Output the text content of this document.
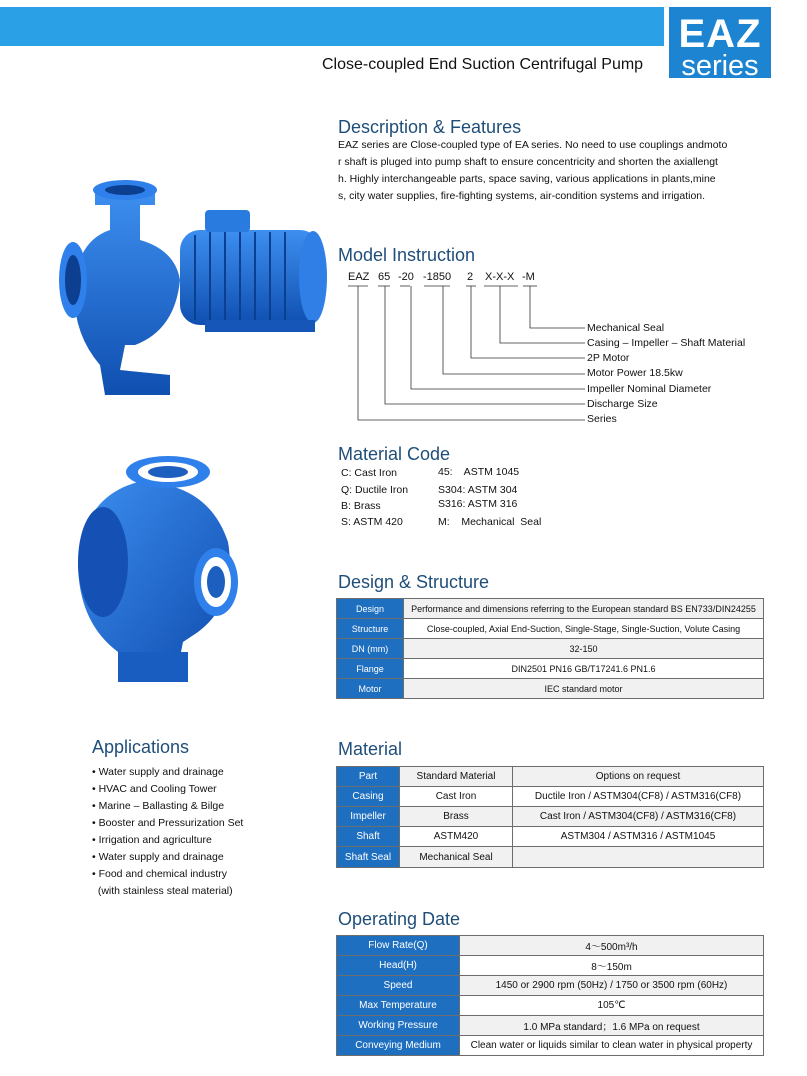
EAZ
series
Close-coupled End Suction Centrifugal Pump
Description & Features
EAZ series are Close-coupled type of EA series. No need to use couplings andmoto
r shaft is pluged into pump shaft to ensure concentricity and shorten the axiallengt
h. Highly interchangeable parts, space saving, various applications in plants,mine
s, city water supplies, fire-fighting systems, air-condition systems and irrigation.
Model Instruction
EAZ 65 -20 -1850 2 X-X-X -M
Mechanical Seal
Casing – Impeller – Shaft Material
2P Motor
Motor Power 18.5kw
Impeller Nominal Diameter
Discharge Size
Series
Material Code
C: Cast Iron
Q: Ductile Iron
B: Brass
S: ASTM 420
45:    ASTM 1045
S304: ASTM 304
S316: ASTM 316
M:    Mechanical  Seal
Design & Structure
Design	Performance and dimensions referring to the European standard BS EN733/DIN24255
Structure	Close-coupled, Axial End-Suction, Single-Stage, Single-Suction, Volute Casing
DN (mm)	32-150
Flange	DIN2501 PN16 GB/T17241.6 PN1.6
Motor	IEC standard motor
Applications
• Water supply and drainage
• HVAC and Cooling Tower
• Marine – Ballasting & Bilge
• Booster and Pressurization Set
• Irrigation and agriculture
• Water supply and drainage
• Food and chemical industry
(with stainless steal material)
Material
Part	Standard Material	Options on request
Casing	Cast Iron	Ductile Iron / ASTM304(CF8) / ASTM316(CF8)
Impeller	Brass	Cast Iron / ASTM304(CF8) / ASTM316(CF8)
Shaft	ASTM420	ASTM304 / ASTM316 / ASTM1045
Shaft Seal	Mechanical Seal	
Operating Date
Flow Rate(Q)	4～500m³/h
Head(H)	8～150m
Speed	1450 or 2900 rpm (50Hz) / 1750 or 3500 rpm (60Hz)
Max Temperature	105℃
Working Pressure	1.0 MPa standard；1.6 MPa on request
Conveying Medium	Clean water or liquids similar to clean water in physical property
